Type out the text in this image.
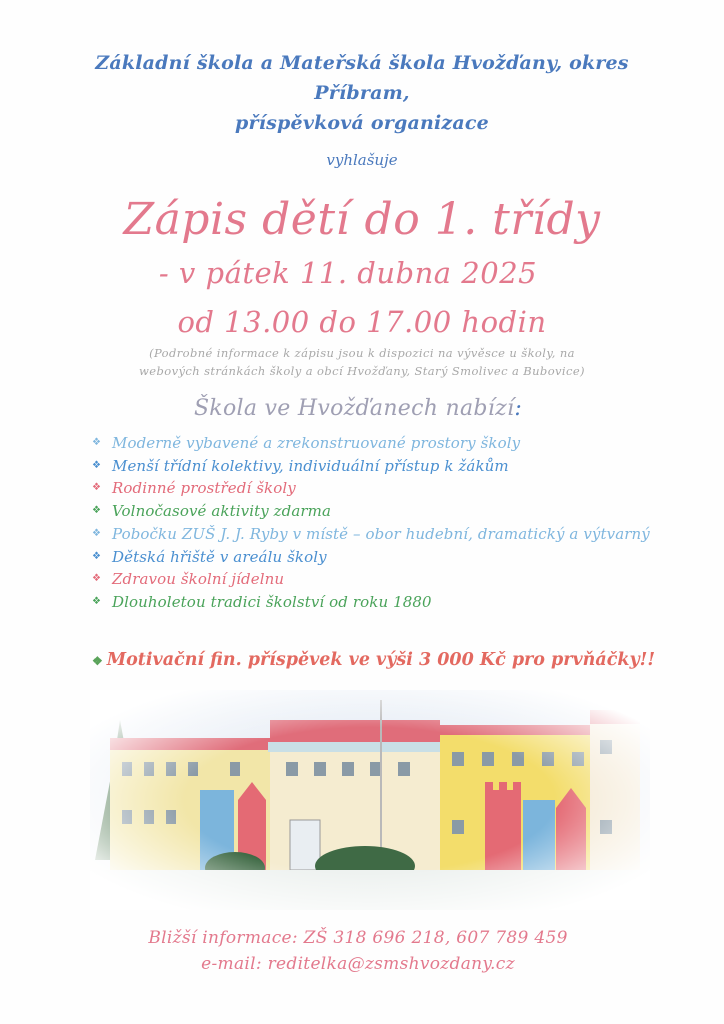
Základní škola a Mateřská škola Hvožďany, okres
Příbram,
příspěvková organizace
vyhlašuje
Zápis dětí do 1. třídy
- v pátek 11. dubna 2025
od 13.00 do 17.00 hodin
(Podrobné informace k zápisu jsou k dispozici na vývěsce u školy, na
webových stránkách školy a obcí Hvožďany, Starý Smolivec a Bubovice)
Škola ve Hvožďanech nabízí:
❖ Moderně vybavené a zrekonstruované prostory školy
❖ Menší třídní kolektivy, individuální přístup k žákům
❖ Rodinné prostředí školy
❖ Volnočasové aktivity zdarma
❖ Pobočku ZUŠ J. J. Ryby v místě – obor hudební, dramatický a výtvarný
❖ Dětská hřiště v areálu školy
❖ Zdravou školní jídelnu
❖ Dlouholetou tradici školství od roku 1880
❖ Motivační fin. příspěvek ve výši 3 000 Kč pro prvňáčky!!
Bližší informace: ZŠ 318 696 218, 607 789 459
e-mail: reditelka@zsmshvozdany.cz
